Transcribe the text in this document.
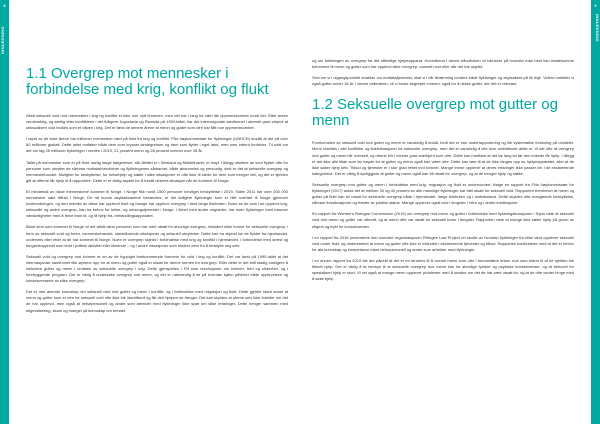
8
INNLEDNING
9
INNLEDNING
1.1 Overgrep mot mennesker i forbindelse med krig, konflikt og flukt

Altså seksuelt vold mot mennesker i krig og konflikt er ikke noe nytt fenomen, men det har i lang tid vært lite oppmerksomhet rundt det. Etter andre verdenskrig, og særlig etter konfliktene i det tidligere Jugoslavia og Rwanda på 1990-tallet, har det internasjonale samfunnet i økende grad erkjent at seksualisert vold brukes som et våpen i krig. Det er først de senere årene at menn og gutter som ofre har fått noe oppmerksomhet.

I løpet av de siste årene har millioner mennesker vært på flukt fra krig og konflikt. FNs høykommissær for flyktninger (UNHCR) anslår at det på over 80 millioner globalt. Dette tallet omfatter både dem som krysser landegrenser og dem som flytter i eget land, men som internt fordrives. Til slutt var det om lag 26 millioner flyktninger i verden i 2019, 21 prosent menn og 28 prosent kvinner over 18 år.

Tallet på mennesker som er på flukt, sørlig lange bølgereiser, slik tilfellet er i Sirialand og Middelhavet, er høyt. I tillegg utsettes de som flykter ofte for personer som utnytter de sårbare mottaksforholdene og flyktningenes sårbarhet, både økonomisk og personlig, slutt er det at seksuelle overgrep og menneskehandel. Mulighet for beskyttelse, for helsehjelp og støtte i slike situasjoner er ofte ikke til stede for dem som trenger det, og det er sjelden gitt at offerne får hjelp til å rapportere. Dette er et viktig aspekt for å forstå ofrenes situasjon når de kommer til Norge.

Et mindretall av disse menneskene kommer til Norge. I Norge fikk rundt 1500 personer innvilget beskyttelse i 2019. Siden 2011 har over 200 000 mennesker søkt tilflukt i Norge. De nå kunne asylsøknadene behandles, er det tidligere flyktninger som er blitt overført til Norge gjennom kvoteordningen, og den enkelte av disse har opplevd flukt og mange har opplevd overgrep i land langs fluktruten. Noen av de som har opplevd krig, seksuelle og andre overgrep, kan ha behov for helse- og omsorgstjenester i Norge. I likhet med andre migranter, har noen flyktninger med traumer vanskeligheter med å finne fram til, og få hjelp fra, behandlingsapparatet.

Blant dem som kommer til Norge vil det altså være personer som har vært utsatt for alvorlige overgrep, inkludert ulike former for seksuelle overgrep, i form av seksuelt vold og tortur, menneskehandel, slaveliknende situasjoner og seksuell utnyttelse. Dette kan ha skjedd før de flyktet fra hjemlandet, underveis eller etter at de har kommet til Norge. Noen er overgrep skjedd i forbindelse med krig og konflikt i hjemlandet. I forbindelse med arrest og fengselsopphold som ledd i politisk aktivitet eller liknende – og i andre situasjoner som hindrer dem fra å beskytte seg selv.

Seksuell vold og overgrep mot kvinner er en av de hyppigst forekommende formene for vold i krig og konflikt. Det var først på 1990-tallet at det internasjonale samfunnet fikk øynene opp for at menn og gutter også er utsatt for denne formen for overgrep. Etter dette er det blitt stadig vanligere å inkludere gutter og menn i omtalen av seksuelle overgrep i krig. Dette gjenspeiles i FN sine resolusjoner om kvinner, fred og sikkerhet, og i forebyggende program. Det er viktig å undersøke overgrep mot menn, og det er nødvendig å se på hvordan kjønn påvirker både opplevelsen og konsekvensene av slike overgrep.

Det er mer økende kunnskap om seksuell vold mot gutter og menn i konflikt, og i forbindelse med migrasjon og flukt. Dette gjelder blant annet at menn og gutter som er ofre for seksuell vold ofte ikke blir identifisert og får den hjelpen de trenger. Det kan skyldes at ofrene selv ikke forteller om det de har opplevd, men også at helsepersonell og andre som arbeider med flyktninger ikke spør om slike erfaringer. Dette henger sammen med stigmatisering, skam og mangel på kunnskap om temaet.

og om beføringen av overgrep fra det offentlige hjelpeapparat. Hovedtema i denne håndboken vil fokusere på hvordan man best kan imøtekomme behovene til menn og gutter som har opplevd slike overgrep, uansett hvor eller når det har skjedd.

Selv om vi i utgangspunktet snakker om mottakstjenester, skal vi i vår tilnærming vurdere både flyktninger og asylsøkere på lik linje. Videre omfatter vi også gutter under 18 år. I denne veilederen, vil vi bruke begrepet «menn» også for å dekke gutter, der det er relevant.

1.2 Seksuelle overgrep mot gutter og menn

Forekomsten av seksuell vold mot gutter og menn er vanskelig å anslå, fordi det er stor underrapportering og lite systematisk forskning på området. Menn utsettes i alle konflikter og fluktsituasjoner for seksuelle overgrep, men det er vanskelig å vite hvor omfattende dette er. Vi ser ofte at overgrep mot gutter og menn blir oversett, og ofrene blir i mindre grad anerkjent som ofre. Dette kan medføre at det tar lang tid før den enkelte får hjelp. I tillegg er det ikke alle tiltak som tar høyde for at gutter og menn også kan være ofre. Dette kan føre til at de ikke fanges opp av hjelpeapparatet, eller at de ikke søker hjelp selv. Tilbud og tjenester er i stor grad rettet mot kvinner. Mange menn opplever at deres erfaringer ikke passer inn i de eksisterende kategoriene. Det er viktig å synliggjøre at gutter og menn også kan bli utsatt for overgrep, og at de trenger hjelp og støtte.

Seksuelle overgrep mot gutter og menn i forbindelse med krig, migrasjon og flukt er undervurdert. Ifølge en rapport fra FNs høykommissær for flyktninger (2017) antas det at mellom 30 og 40 prosent av alle mannlige flyktninger har blitt utsatt for seksuell vold. Rapporten fremhever at menn og gutter på flukt kan bli utsatt for seksuelle overgrep både i hjemlandet, langs fluktruten og i mottaksland. Dette skyldes ofte manglende beskyttelse, sårbare livssituasjoner og fravær av juridisk status. Mange opplever også vold i fengsler, i leire og i andre institusjoner.

En rapport fra Women's Refugee Commission (2019) om overgrep mot menn og gutter i forbindelse med flyktningsituasjonen i Syria viste at seksuell vold mot menn og gutter var utbredt, og at menn ofte var utsatt for seksuell tortur i fengsler. Rapporten viste at mange ikke søker hjelp på grunn av stigma og frykt for konsekvenser.

I en rapport fra 2016 presenterte den svenske organisasjonen Refugee Law Project en studie av hvordan flyktninger fra ulike land opplever seksuell vold under flukt, og understreket at menn og gutter ofte ikke er inkludert i eksisterende tjenester og tilbud. Rapporten konkluderte med at det er behov for økt kunnskap og kompetanse blant helsepersonell og andre som arbeider med flyktninger.

I en annen rapport fra 2019 ble det påpekt at det er en tendens til å overse menn som ofre i humanitære kriser, noe som bidrar til at de sjelden blir tilbudt hjelp. Det er viktig å ta hensyn til at seksuelle overgrep mot menn kan ha alvorlige fysiske og psykiske konsekvenser, og at behovet for spesialisert hjelp er stort. Vi vet også at mange menn opplever problemer med å snakke om det de har vært utsatt for, og at de ofte venter lenge med å søke hjelp.
